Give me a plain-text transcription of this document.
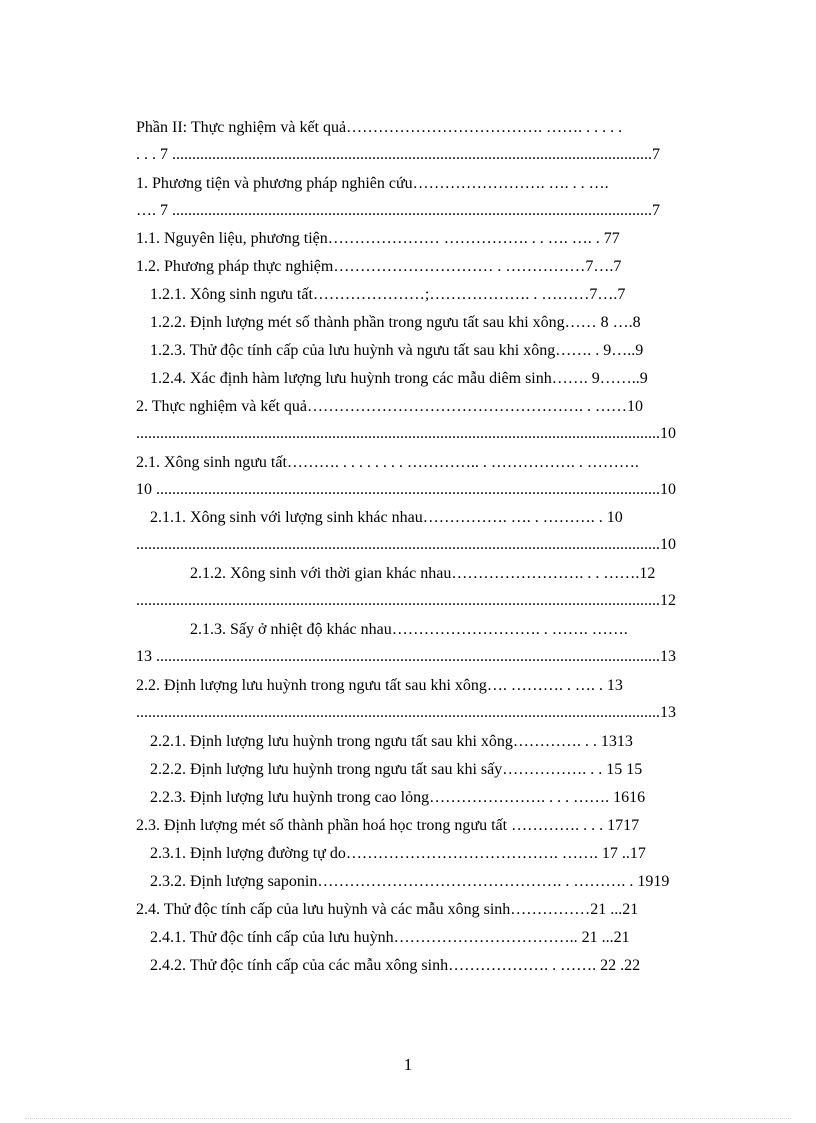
Phần II: Thực nghiệm và kết quả………………………………. ……. . . . . .
. . . 7 ........................................................................................................................7
1. Phương tiện và phương pháp nghiên cứu……………………. …. . . ….
…. 7 ........................................................................................................................7
1.1. Nguyên liệu, phương tiện………………… ……………. . . …. …. . 77
1.2. Phương pháp thực nghiệm………………………… . ……………7….7
1.2.1. Xông sinh ngưu tất…………………;………………. . ………7….7
1.2.2. Định lượng mét số thành phần trong ngưu tất sau khi xông…… 8 ….8
1.2.3. Thử độc tính cấp của lưu huỳnh và ngưu tất sau khi xông……. . 9…..9
1.2.4. Xác định hàm lượng lưu huỳnh trong các mẫu diêm sinh……. 9……..9
2. Thực nghiệm và kết quả……………………………………………. . ……10
...................................................................................................................................10
2.1. Xông sinh ngưu tất………. . . . . . . . . ………….. . ……………. . ……….
10 ..............................................................................................................................10
2.1.1. Xông sinh với lượng sinh khác nhau……………. …. . ………. . 10
...................................................................................................................................10
2.1.2. Xông sinh với thời gian khác nhau……………………. . . …….12
...................................................................................................................................12
2.1.3. Sấy ở nhiệt độ khác nhau………………………. . ……. …….
13 ..............................................................................................................................13
2.2. Định lượng lưu huỳnh trong ngưu tất sau khi xông…. ………. . …. . 13
...................................................................................................................................13
2.2.1. Định lượng lưu huỳnh trong ngưu tất sau khi xông…………. . . 1313
2.2.2. Định lượng lưu huỳnh trong ngưu tất sau khi sấy……………. . . 15 15
2.2.3. Định lượng lưu huỳnh trong cao lỏng…………………. . . . ……. 1616
2.3. Định lượng mét số thành phần hoá học trong ngưu tất …………. . . . 1717
2.3.1. Định lượng đường tự do…………………………………. ……. 17 ..17
2.3.2. Định lượng saponin………………………………………. . ………. . 1919
2.4. Thử độc tính cấp của lưu huỳnh và các mẫu xông sinh……………21 ...21
2.4.1. Thử độc tính cấp của lưu huỳnh…………………………….. 21 ...21
2.4.2. Thử độc tính cấp của các mẫu xông sinh………………. . ……. 22 .22
1
